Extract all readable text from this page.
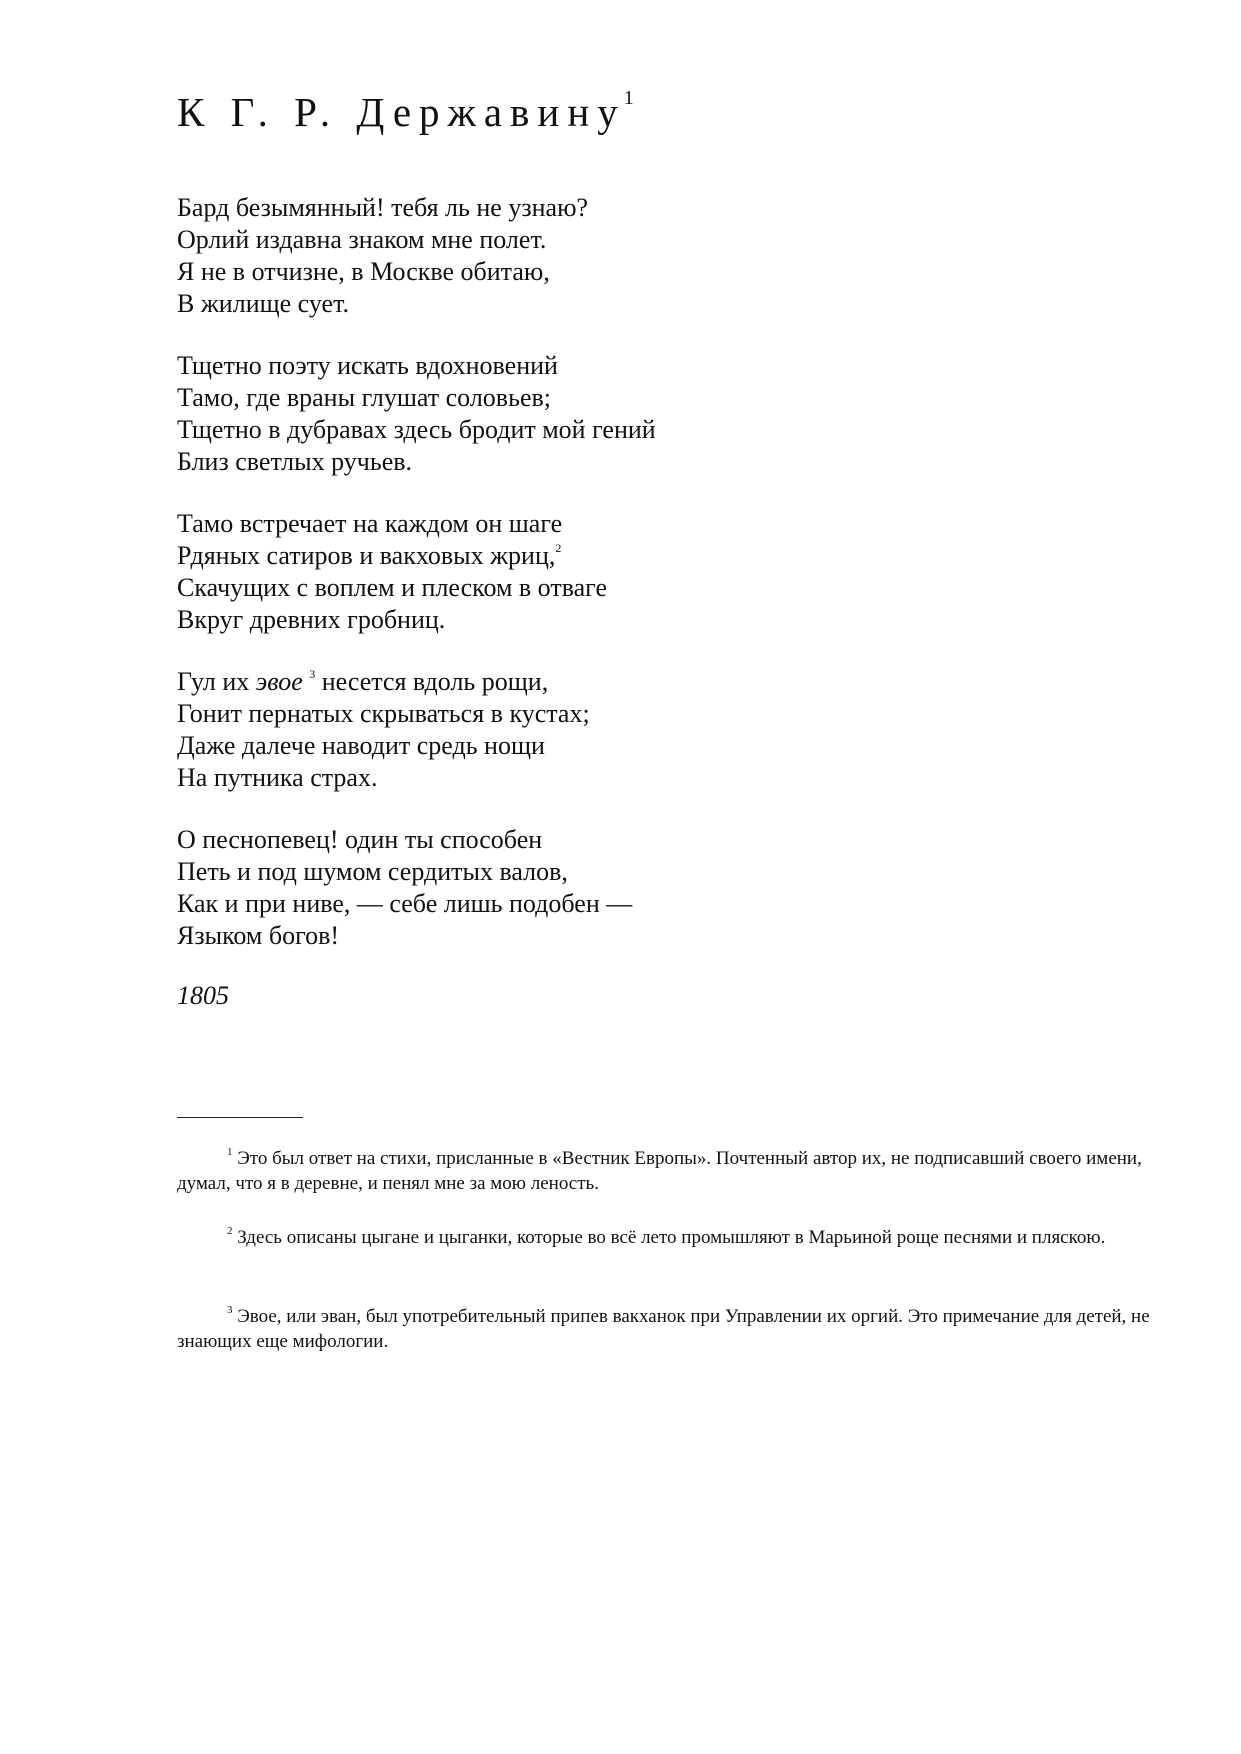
К Г. Р. Державину$^1$
Бард безымянный! тебя ль не узнаю?
Орлий издавна знаком мне полет.
Я не в отчизне, в Москве обитаю,
В жилище сует.
Тщетно поэту искать вдохновений
Тамо, где враны глушат соловьев;
Тщетно в дубравах здесь бродит мой гений
Близ светлых ручьев.
Тамо встречает на каждом он шаге
Рдяных сатиров и вакховых жриц,$^2$
Скачущих с воплем и плеском в отваге
Вкруг древних гробниц.
Гул их эвое $^3$ несется вдоль рощи,
Гонит пернатых скрываться в кустах;
Даже далече наводит средь нощи
На путника страх.
О песнопевец! один ты способен
Петь и под шумом сердитых валов,
Как и при ниве, — себе лишь подобен —
Языком богов!

1805

$^1$ Это был ответ на стихи, присланные в «Вестник Европы». Почтенный автор их, не подписавший своего имени, думал, что я в деревне, и пенял мне за мою леность.

$^2$ Здесь описаны цыгане и цыганки, которые во всё лето промышляют в Марьиной роще песнями и пляскою.

$^3$ Эвое, или эван, был употребительный припев вакханок при Управлении их оргий. Это примечание для детей, не знающих еще мифологии.
